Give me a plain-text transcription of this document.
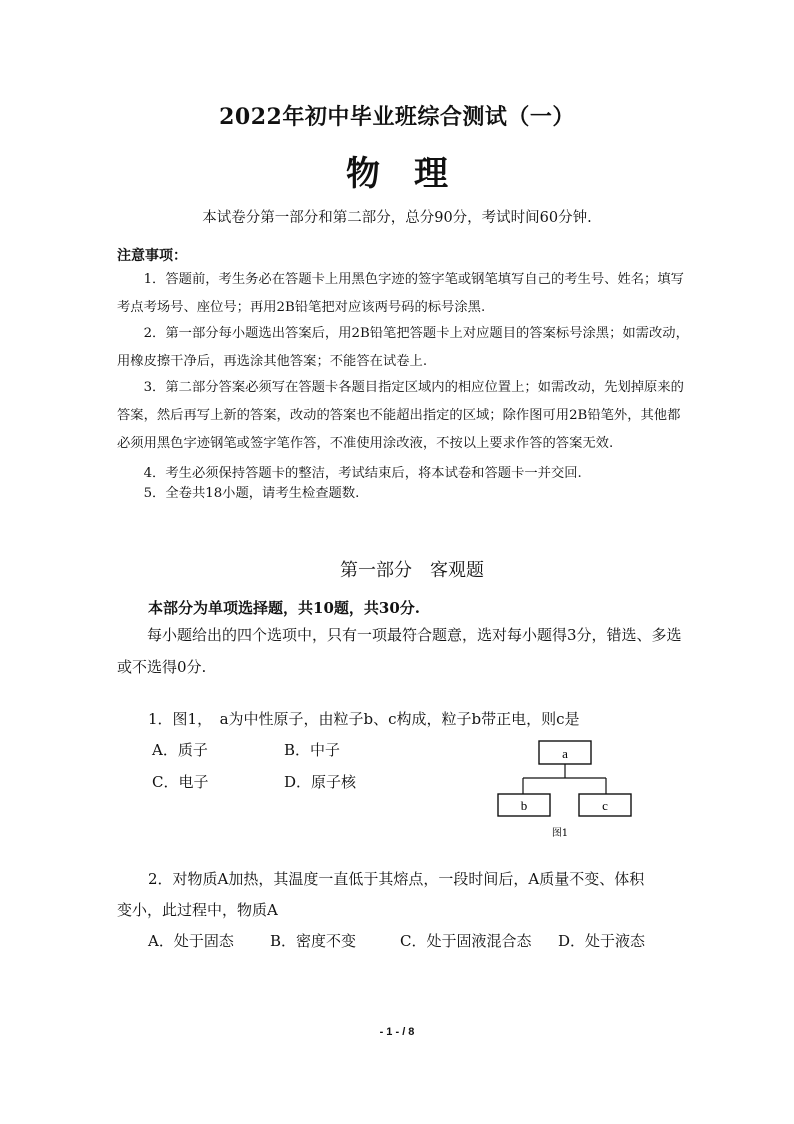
2022年初中毕业班综合测试（一）
物理
本试卷分第一部分和第二部分，总分90分，考试时间60分钟.
注意事项：
1．答题前，考生务必在答题卡上用黑色字迹的签字笔或钢笔填写自己的考生号、姓名；填写考点考场号、座位号；再用2B铅笔把对应该两号码的标号涂黑.
2．第一部分每小题选出答案后，用2B铅笔把答题卡上对应题目的答案标号涂黑；如需改动，用橡皮擦干净后，再选涂其他答案；不能答在试卷上.
3．第二部分答案必须写在答题卡各题目指定区域内的相应位置上；如需改动，先划掉原来的答案，然后再写上新的答案，改动的答案也不能超出指定的区域；除作图可用2B铅笔外，其他都必须用黑色字迹钢笔或签字笔作答，不准使用涂改液，不按以上要求作答的答案无效.
4．考生必须保持答题卡的整洁，考试结束后，将本试卷和答题卡一并交回.
5．全卷共18小题，请考生检查题数.
第一部分　客观题
本部分为单项选择题，共10题，共30分.
每小题给出的四个选项中，只有一项最符合题意，选对每小题得3分，错选、多选或不选得0分.
1．图1，　a为中性原子，由粒子b、c构成，粒子b带正电，则c是
A．质子	B．中子
C．电子	D．原子核
a
b	c
图1
2．对物质A加热，其温度一直低于其熔点，一段时间后，A质量不变、体积
变小，此过程中，物质A
A．处于固态 B．密度不变	C．处于固液混合态 D．处于液态
- 1 - / 8
